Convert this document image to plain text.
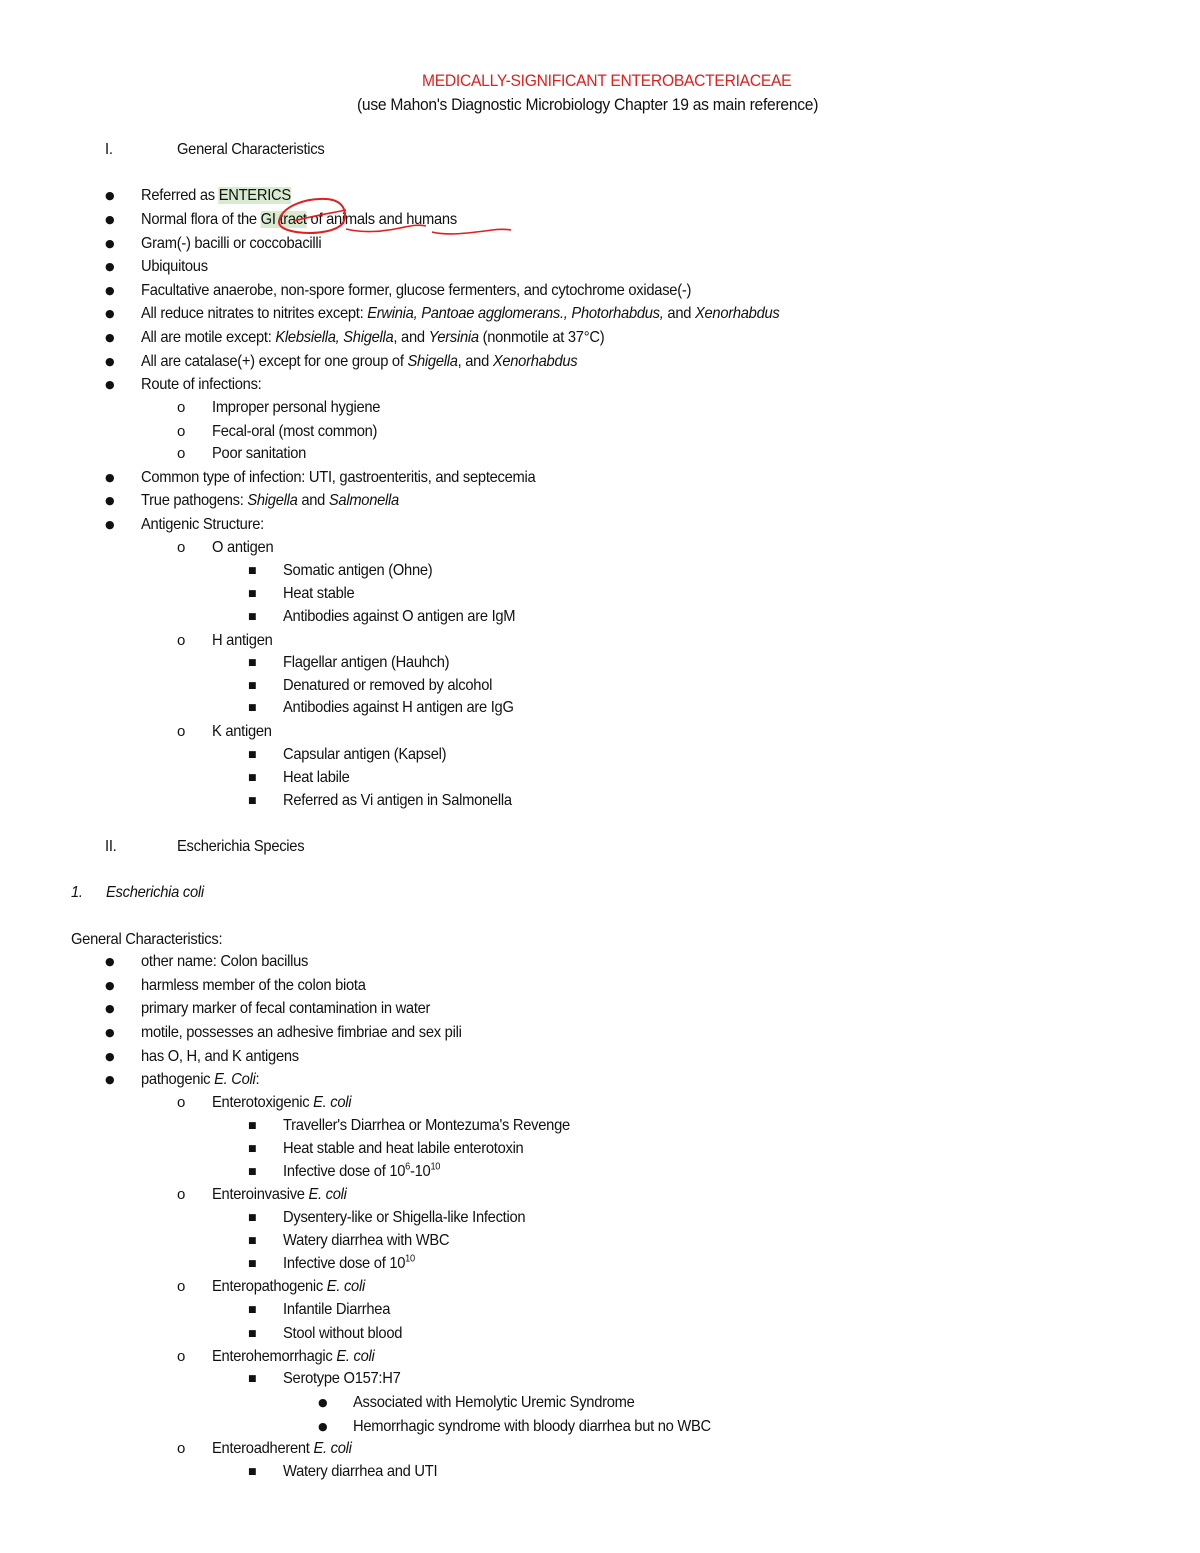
MEDICALLY-SIGNIFICANT ENTEROBACTERIACEAE
(use Mahon's Diagnostic Microbiology Chapter 19 as main reference)
I.	General Characteristics
● Referred as ENTERICS
● Normal flora of the GI tract of animals and humans
● Gram(-) bacilli or coccobacilli
● Ubiquitous
● Facultative anaerobe, non-spore former, glucose fermenters, and cytochrome oxidase(-)
● All reduce nitrates to nitrites except: Erwinia, Pantoae agglomerans., Photorhabdus, and Xenorhabdus
● All are motile except: Klebsiella, Shigella, and Yersinia (nonmotile at 37°C)
● All are catalase(+) except for one group of Shigella, and Xenorhabdus
● Route of infections:
o Improper personal hygiene
o Fecal-oral (most common)
o Poor sanitation
● Common type of infection: UTI, gastroenteritis, and septecemia
● True pathogens: Shigella and Salmonella
● Antigenic Structure:
o O antigen
■ Somatic antigen (Ohne)
■ Heat stable
■ Antibodies against O antigen are IgM
o H antigen
■ Flagellar antigen (Hauhch)
■ Denatured or removed by alcohol
■ Antibodies against H antigen are IgG
o K antigen
■ Capsular antigen (Kapsel)
■ Heat labile
■ Referred as Vi antigen in Salmonella
II.	Escherichia Species
1. Escherichia coli
General Characteristics:
● other name: Colon bacillus
● harmless member of the colon biota
● primary marker of fecal contamination in water
● motile, possesses an adhesive fimbriae and sex pili
● has O, H, and K antigens
● pathogenic E. Coli:
o Enterotoxigenic E. coli
■ Traveller's Diarrhea or Montezuma's Revenge
■ Heat stable and heat labile enterotoxin
■ Infective dose of $10^6-10^{10}$
o Enteroinvasive E. coli
■ Dysentery-like or Shigella-like Infection
■ Watery diarrhea with WBC
■ Infective dose of $10^{10}$
o Enteropathogenic E. coli
■ Infantile Diarrhea
■ Stool without blood
o Enterohemorrhagic E. coli
■ Serotype O157:H7
● Associated with Hemolytic Uremic Syndrome
● Hemorrhagic syndrome with bloody diarrhea but no WBC
o Enteroadherent E. coli
■ Watery diarrhea and UTI
